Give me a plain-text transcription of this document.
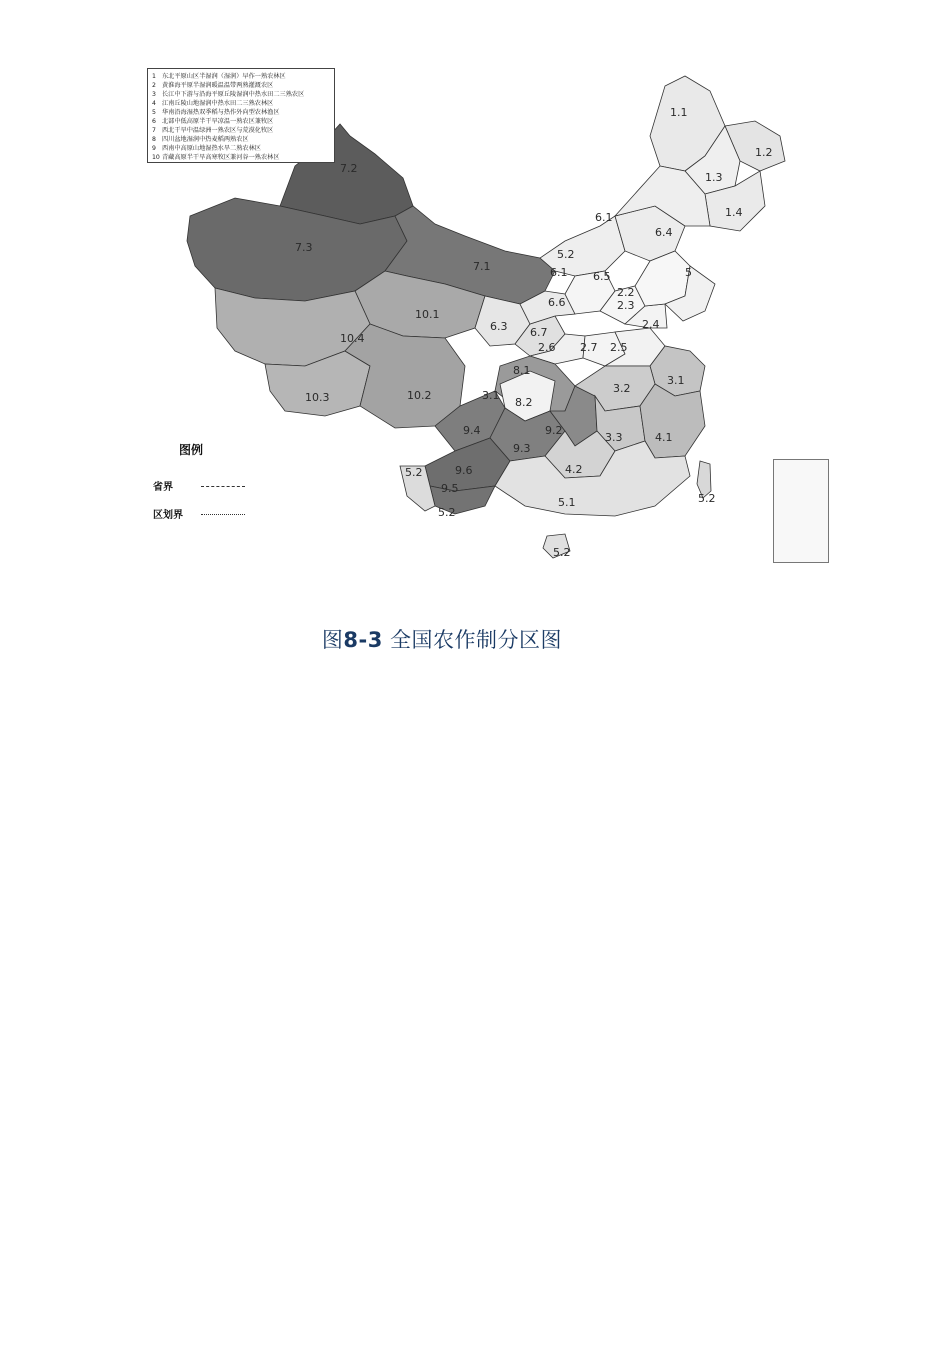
1.1
1.2
1.3
1.4
6.1
6.4
5
5.2
6.1 6.5
2.2
2.3
2.4
6.6
6.3 6.7
2.6 2.7 2.5
7.2
7.3
7.1
10.1
10.4
10.3	10.2
8.1
3.1
8.2
3.1
3.2
9.4	9.2
3.3	4.1
9.3
4.2
9.6
5.2
9.5
5.1
5.2
5.2
5.2
1 东北平原山区半湿润（湿润）早作一熟农林区
2 黄淮海平原半湿润暖温温带两熟灌溉农区
3 长江中下游与沿海平原丘陵湿润中热水田二三熟农区
4 江南丘陵山地湿润中热水田二三熟农林区
5 华南沿海湿热双季稻与热作外向型农林渔区
6 北部中低高原半干旱凉温一熟农区兼牧区
7 西北干旱中温绿洲一熟农区与荒漠化牧区
8 四川盆地湿润中热麦稻两熟农区
9 西南中高原山地湿热水旱二熟农林区
10 青藏高原半干旱高寒牧区兼河谷一熟农林区
图例
省界
区划界
图8-3 全国农作制分区图
